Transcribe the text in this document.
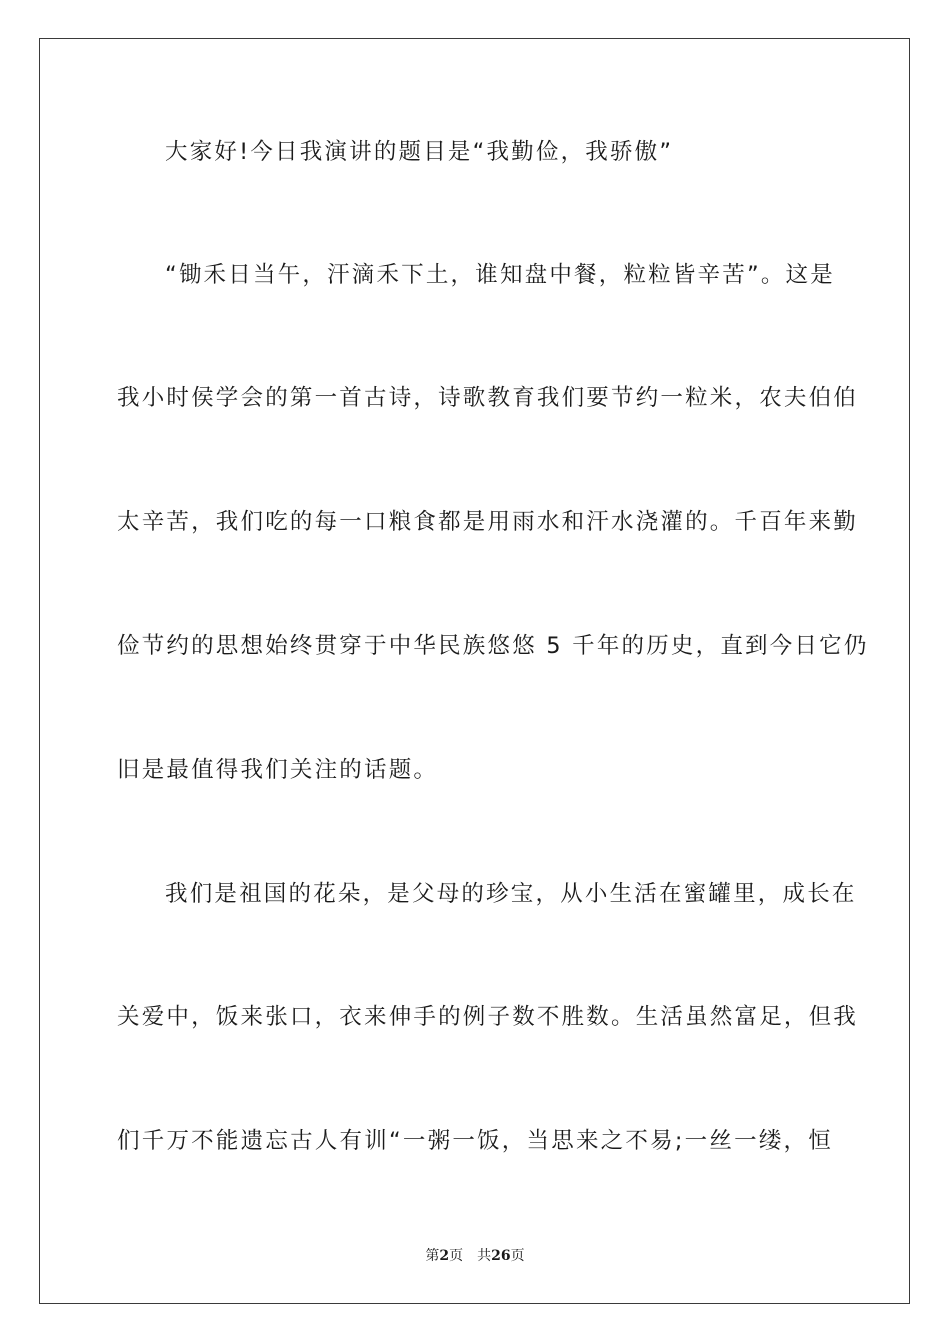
大家好!今日我演讲的题目是“我勤俭，我骄傲”
“锄禾日当午，汗滴禾下土，谁知盘中餐，粒粒皆辛苦”。这是
我小时侯学会的第一首古诗，诗歌教育我们要节约一粒米，农夫伯伯
太辛苦，我们吃的每一口粮食都是用雨水和汗水浇灌的。千百年来勤
俭节约的思想始终贯穿于中华民族悠悠 5 千年的历史，直到今日它仍
旧是最值得我们关注的话题。
我们是祖国的花朵，是父母的珍宝，从小生活在蜜罐里，成长在
关爱中，饭来张口，衣来伸手的例子数不胜数。生活虽然富足，但我
们千万不能遗忘古人有训“一粥一饭，当思来之不易;一丝一缕，恒
第2页 共26页
